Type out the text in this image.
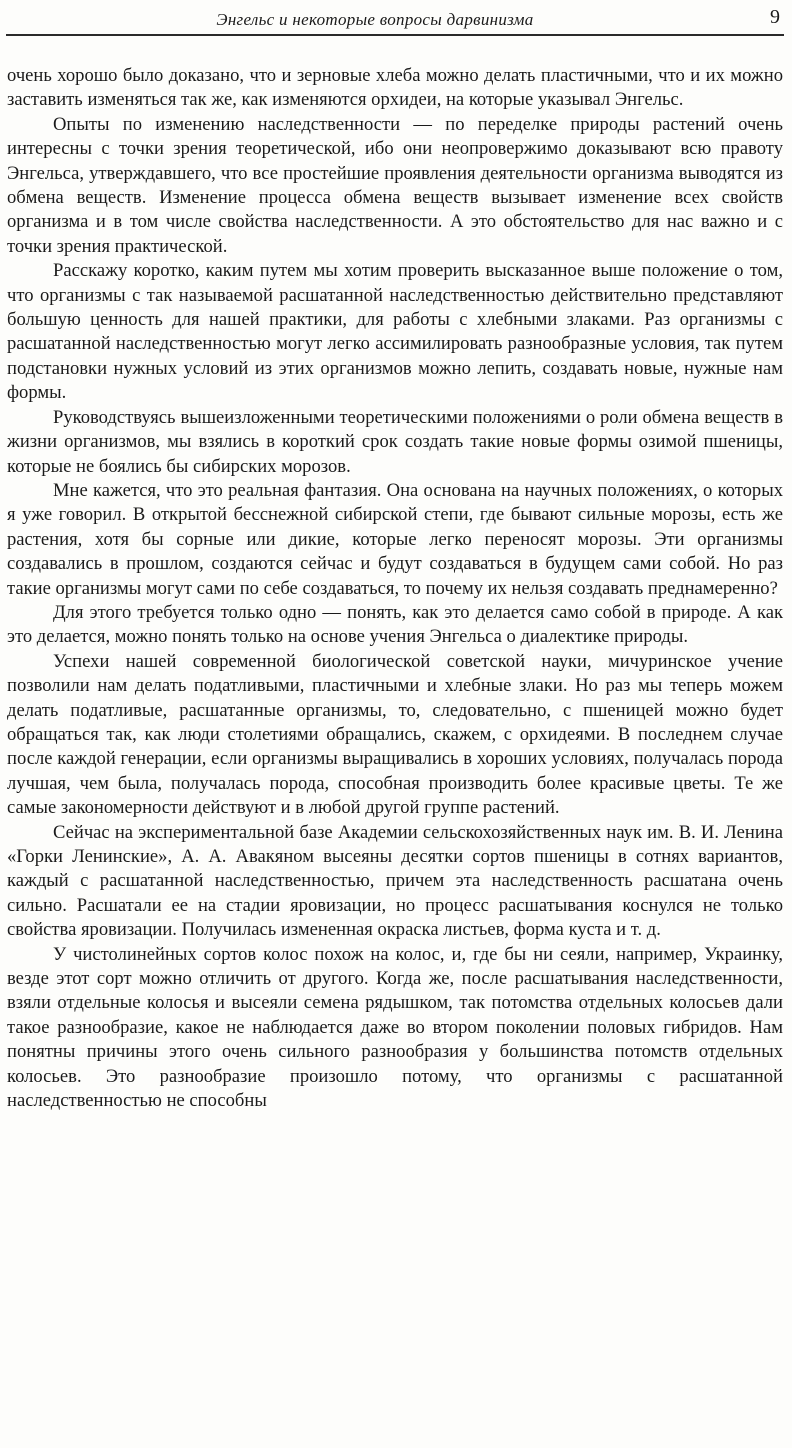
Энгельс и некоторые вопросы дарвинизма	9

очень хорошо было доказано, что и зерновые хлеба можно делать пластичными, что и их можно заставить изменяться так же, как изменяются орхидеи, на которые указывал Энгельс.

Опыты по изменению наследственности — по переделке природы растений очень интересны с точки зрения теоретической, ибо они неопровержимо доказывают всю правоту Энгельса, утверждавшего, что все простейшие проявления деятельности организма выводятся из обмена веществ. Изменение процесса обмена веществ вызывает изменение всех свойств организма и в том числе свойства наследственности. А это обстоятельство для нас важно и с точки зрения практической.

Расскажу коротко, каким путем мы хотим проверить высказанное выше положение о том, что организмы с так называемой расшатанной наследственностью действительно представляют большую ценность для нашей практики, для работы с хлебными злаками. Раз организмы с расшатанной наследственностью могут легко ассимилировать разнообразные условия, так путем подстановки нужных условий из этих организмов можно лепить, создавать новые, нужные нам формы.

Руководствуясь вышеизложенными теоретическими положениями о роли обмена веществ в жизни организмов, мы взялись в короткий срок создать такие новые формы озимой пшеницы, которые не боялись бы сибирских морозов.

Мне кажется, что это реальная фантазия. Она основана на научных положениях, о которых я уже говорил. В открытой бесснежной сибирской степи, где бывают сильные морозы, есть же растения, хотя бы сорные или дикие, которые легко переносят морозы. Эти организмы создавались в прошлом, создаются сейчас и будут создаваться в будущем сами собой. Но раз такие организмы могут сами по себе создаваться, то почему их нельзя создавать преднамеренно?

Для этого требуется только одно — понять, как это делается само собой в природе. А как это делается, можно понять только на основе учения Энгельса о диалектике природы.

Успехи нашей современной биологической советской науки, мичуринское учение позволили нам делать податливыми, пластичными и хлебные злаки. Но раз мы теперь можем делать податливые, расшатанные организмы, то, следовательно, с пшеницей можно будет обращаться так, как люди столетиями обращались, скажем, с орхидеями. В последнем случае после каждой генерации, если организмы выращивались в хороших условиях, получалась порода лучшая, чем была, получалась порода, способная производить более красивые цветы. Те же самые закономерности действуют и в любой другой группе растений.

Сейчас на экспериментальной базе Академии сельскохозяйственных наук им. В. И. Ленина «Горки Ленинские», А. А. Авакяном высеяны десятки сортов пшеницы в сотнях вариантов, каждый с расшатанной наследственностью, причем эта наследственность расшатана очень сильно. Расшатали ее на стадии яровизации, но процесс расшатывания коснулся не только свойства яровизации. Получилась измененная окраска листьев, форма куста и т. д.

У чистолинейных сортов колос похож на колос, и, где бы ни сеяли, например, Украинку, везде этот сорт можно отличить от другого. Когда же, после расшатывания наследственности, взяли отдельные колосья и высеяли семена рядышком, так потомства отдельных колосьев дали такое разнообразие, какое не наблюдается даже во втором поколении половых гибридов. Нам понятны причины этого очень сильного разнообразия у большинства потомств отдельных колосьев. Это разнообразие произошло потому, что организмы с расшатанной наследственностью не способны
